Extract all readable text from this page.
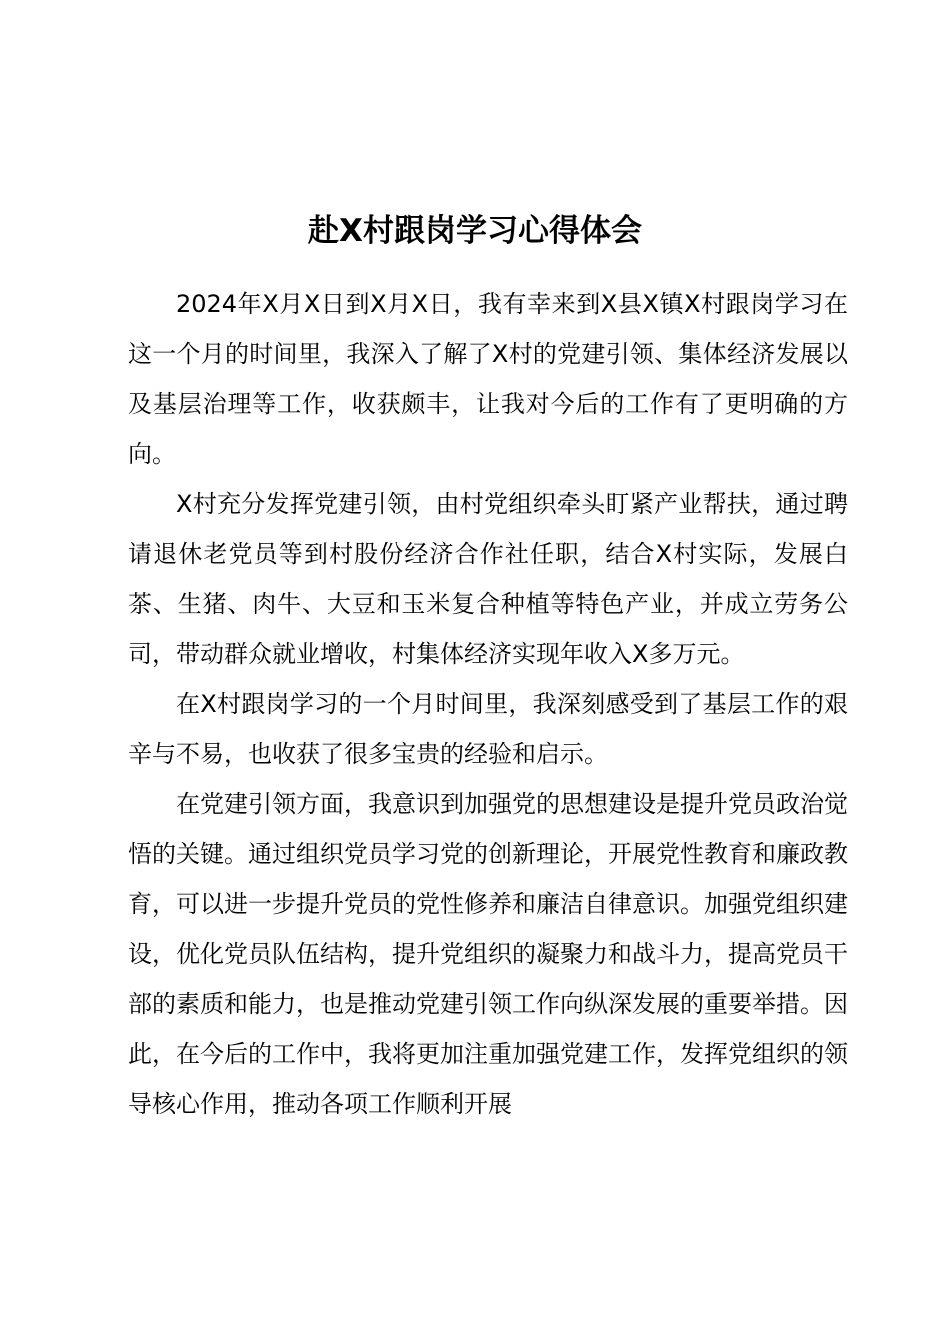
赴X村跟岗学习心得体会

2024年X月X日到X月X日，我有幸来到X县X镇X村跟岗学习在这一个月的时间里，我深入了解了X村的党建引领、集体经济发展以及基层治理等工作，收获颇丰，让我对今后的工作有了更明确的方向。

X村充分发挥党建引领，由村党组织牵头盯紧产业帮扶，通过聘请退休老党员等到村股份经济合作社任职，结合X村实际，发展白茶、生猪、肉牛、大豆和玉米复合种植等特色产业，并成立劳务公司，带动群众就业增收，村集体经济实现年收入X多万元。

在X村跟岗学习的一个月时间里，我深刻感受到了基层工作的艰辛与不易，也收获了很多宝贵的经验和启示。

在党建引领方面，我意识到加强党的思想建设是提升党员政治觉悟的关键。通过组织党员学习党的创新理论，开展党性教育和廉政教育，可以进一步提升党员的党性修养和廉洁自律意识。加强党组织建设，优化党员队伍结构，提升党组织的凝聚力和战斗力，提高党员干部的素质和能力，也是推动党建引领工作向纵深发展的重要举措。因此，在今后的工作中，我将更加注重加强党建工作，发挥党组织的领导核心作用，推动各项工作顺利开展
